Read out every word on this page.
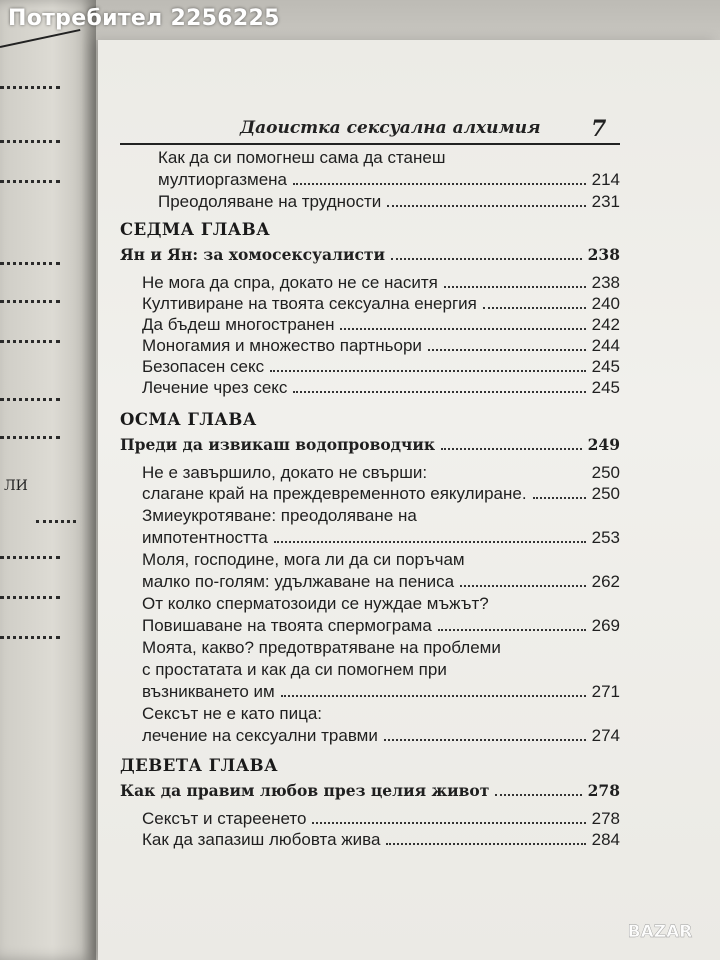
ЛИ
Даоистка сексуална алхимия 7
Как да си помогнеш сама да станеш
мултиоргазмена	214
Преодоляване на трудности	231
СЕДМА ГЛАВА
Ян и Ян: за хомосексуалисти	238
Не мога да спра, докато не се наситя	238
Култивиране на твоята сексуална енергия	240
Да бъдеш многостранен	242
Моногамия и множество партньори	244
Безопасен секс	245
Лечение чрез секс	245
ОСМА ГЛАВА
Преди да извикаш водопроводчик	249
Не е завършило, докато не свърши:	250
слагане край на преждевременното еякулиране.	250
Змиеукротяване: преодоляване на
импотентността	253
Моля, господине, мога ли да си поръчам
малко по-голям: удължаване на пениса	262
От колко сперматозоиди се нуждае мъжът?
Повишаване на твоята спермограма	269
Моята, какво? предотвратяване на проблеми
с простатата и как да си помогнем при
възникването им	271
Сексът не е като пица:
лечение на сексуални травми	274
ДЕВЕТА ГЛАВА
Как да правим любов през целия живот	278
Сексът и стареенето	278
Как да запазиш любовта жива	284
Потребител 2256225
BAZAR
